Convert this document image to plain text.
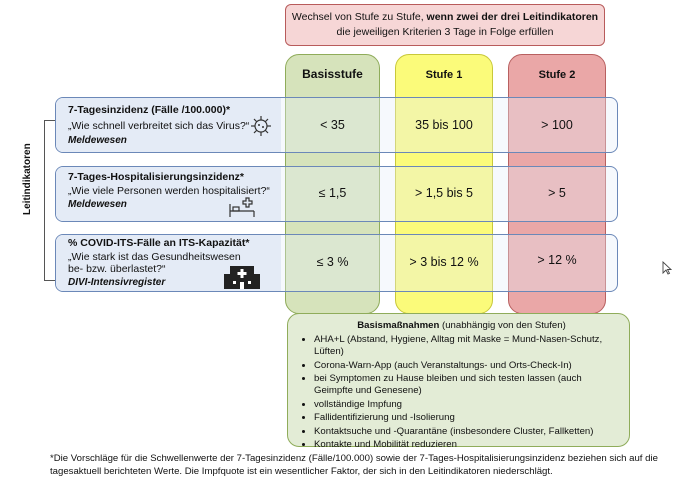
Wechsel von Stufe zu Stufe, wenn zwei der drei Leitindikatoren die jeweiligen Kriterien 3 Tage in Folge erfüllen
Basisstufe	Stufe 1	Stufe 2
Leitindikatoren
7-Tagesinzidenz (Fälle /100.000)*
„Wie schnell verbreitet sich das Virus?“
Meldewesen
< 35	35 bis 100	> 100
7-Tages-Hospitalisierungsinzidenz*
„Wie viele Personen werden hospitalisiert?“
Meldewesen
≤ 1,5	> 1,5 bis 5	> 5
% COVID-ITS-Fälle an ITS-Kapazität*
„Wie stark ist das Gesundheitswesen
be- bzw. überlastet?“
DIVI-Intensivregister
≤ 3 %	> 3 bis 12 %	> 12 %
Basismaßnahmen (unabhängig von den Stufen)
• AHA+L (Abstand, Hygiene, Alltag mit Maske = Mund-Nasen-Schutz, Lüften)
• Corona-Warn-App (auch Veranstaltungs- und Orts-Check-In)
• bei Symptomen zu Hause bleiben und sich testen lassen (auch Geimpfte und Genesene)
• vollständige Impfung
• Fallidentifizierung und -Isolierung
• Kontaktsuche und -Quarantäne (insbesondere Cluster, Fallketten)
• Kontakte und Mobilität reduzieren
*Die Vorschläge für die Schwellenwerte der 7-Tagesinzidenz (Fälle/100.000) sowie der 7-Tages-Hospitalisierungsinzidenz beziehen sich auf die tagesaktuell berichteten Werte. Die Impfquote ist ein wesentlicher Faktor, der sich in den Leitindikatoren niederschlägt.
